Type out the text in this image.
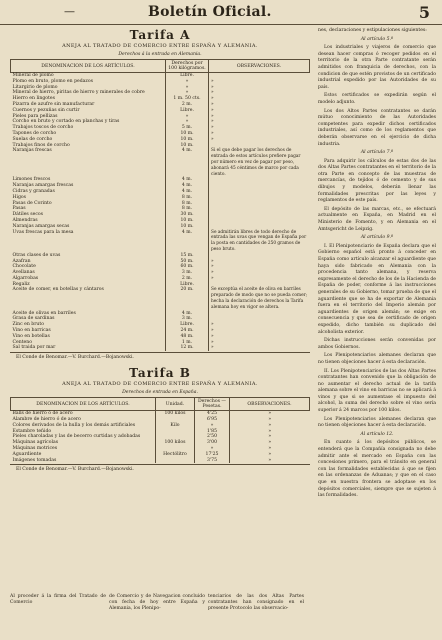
—	Boletín Oficial.	5
Tarifa A
ANEJA AL TRATADO DE COMERCIO ENTRE ESPAÑA Y ALEMANIA.
Derechos á la entrada en Alemania.
DENOMINACION DE LOS ARTÍCULOS.	Derechos por 100 kilógramos.	OBSERVACIONES.
Mineral de plomo	Libre.	
Plomo en bruto, plomo en pedazos	»	»
Litargirio de plomo	»	»
Mineral de hierro, piritas de hierro y minerales de cobre	»	»
Hierro en lingotes	1 m. 50 cts.	»
Pizarra de azufre sin manufacturar	2 m.	»
Cuernos y pezuñas sin curtir	Libre.	»
Pieles para pellizas	»	»
Corcho en bruto y cortado en planchas y tiras	»	»
Trabajos toscos de corcho	5 m.	»
Tapones de corcho	10 m.	»
Suelas de corcho	10 m.	»
Trabajos finos de corcho	10 m.	
Naranjas frescas	4 m.	Si el que debe pagar los derechos de entrada de estos artículos prefiere pagar por número en vez de pagar por peso, abonará 45 céntimos de marco por cada ciento.
Limones frescos	4 m.	
Naranjas amargas frescas	4 m.	
Cidras y granadas	4 m.	
Higos	8 m.	
Pasas de Corinto	8 m.	
Pasas	8 m.	
Dátiles secos	30 m.	
Almendras	10 m.	
Naranjas amargas secas	10 m.	

Uvas frescas para la mesa	4 m.	Se admitirán libres de todo derecho de entrada las uvas que vengan de España por la posta en cantidades de 250 gramos de peso bruto.
Otras clases de uvas	15 m.	

Azafran	50 m.	»
Chocolate	60 m.	»
Avellanas	3 m.	»
Algarrobas	2 m.	»
Regaliz	Libre.	
Aceite de comer, en botellas y cántaros	20 m.	Se exceptúa el aceite de oliva en barriles preparado de modo que no se pueda comer; hecha la declaración de derechos la Tarifa alemana hoy en vigor se altera.
Aceite de olivas en barriles	4 m.	
Grasa de sardinas	3 m.	

Zinc en bruto	Libre.	»
Vino en barricas	24 m.	»
Vino en botellas	48 m.	»
Centeno	1 m.	»
Sal traida por mar	12 m.	»
El Conde de Benomar.—V. Burchard.—Bojanowski.
Tarifa B
ANEJA AL TRATADO DE COMERCIO ENTRE ESPAÑA Y ALEMANIA.
Derechos de entrada en España.
DENOMINACION DE LOS ARTÍCULOS.	Unidad.	Derechos — Pesetas.	OBSERVACIONES.
Balls de hierro ó de acero	100 kilos	4'25	»
Alambre de hierro ó de acero		6'95	»
Colores derivados de la hulla y los demás artificiales	Kilo	»	»
Estambre teñido		1'85	»
Pieles charoladas y las de becerro curtidas y adobadas		2'50	»
Máquinas agrícolas	100 kilos	3'00	»
Máquinas motrices		»	»
Aguardiente	Hectólitro	17'25	»
Imágenes tomadas		3'75	»
El Conde de Benomar.—V. Burchard.—Bojanowski.

nes, declaraciones y estipulaciones siguientes:

Al artículo 5.º

Los industriales y viajeros de comercio que desean hacer compras ó recoger pedidos en el territorio de la otra Parte contratante serán admitidos con franquicia de derechos, con la condicion de que estén provistos de un certificado industrial expedido por las Autoridades de su país.

Estos certificados se expedirán según el modelo adjunto.

Los dos Altos Partes contratantes se darán mútuo conocimiento de las Autoridades competentes para expedir dichos certificados industriales, así como de los reglamentos que deberán observarse en el ejercicio de dicha industria.

Al artículo 7.º

Para adquirir los cálculos de estas dos de las dos Altas Partes contratantes en el territorio de la otra Parte en concepto de las muestras de mercancías, de tejidos ó de cemento y de sus dibujos y modelos, deberán llenar las formalidades prescritas por las leyes y reglamentos de este país.

El depósito de las marcas, etc., se efectuará actualmente en España, en Madrid en el Ministerio de Fomento, y en Alemania en el Amtsgericht de Leipzig.

Al artículo 9.º

I. El Plenipotenciario de España declara que el Gobierno español está pronto á conceder en España como artículo alcanzar el aguardiente que haya sido fabricado en Alemania con la procedencia tanto alemana, y reserva expresamente el derecho de los de la Hacienda de España de poder, conforme á las instrucciones generales de su Gobierno, tomar prueba de que el aguardiente que se ha de exportar de Alemania fuera en el territorio del Imperio alemán por aguardientes de origen alemán; se exige en consecuencia y que sea de certificado de origen expedido, dicho también su duplicado del alcoholista exterior.

Dichas instrucciones serán convenidas por ambos Gobiernos.

Los Plenipotenciarios alemanes declaran que no tienen objeciones hacer á esta declaración.

II. Los Plenipotenciarios de las dos Altas Partes contratantes han convenido que la obligación de no aumentar el derecho actual de la tarifa alemana sobre el vino en barricas no se aplicará á vinos y que si se aumentase el impuesto del alcohol, la suma del derecho sobre el vino sería superior á 24 marcos por 100 kilos.

Los Plenipotenciarios alemanes declaran que no tienen objeciones hacer á esta declaración.

Al artículo 12.

En cuanto á los depósitos públicos, se entenderá que la Compañía consignada no debe admitir ante el mercado en España con las concesiones primero, para el tránsito en general con las formalidades establecidas á que se fijen en las ordenanzas de Aduanas; y que en el caso que en nuestra frontera se adoptase en los depósitos comerciales, siempre que se sujeten á las formalidades.

Al proceder á la firma del Tratado de Comerciode Comercio y de Navegacion concluido con fecha de hoy entre España y Alemania, los Plenipo-tenciarios de las dos Altas Partes contratantes han consignado en el presente Protocolo las observacio-
